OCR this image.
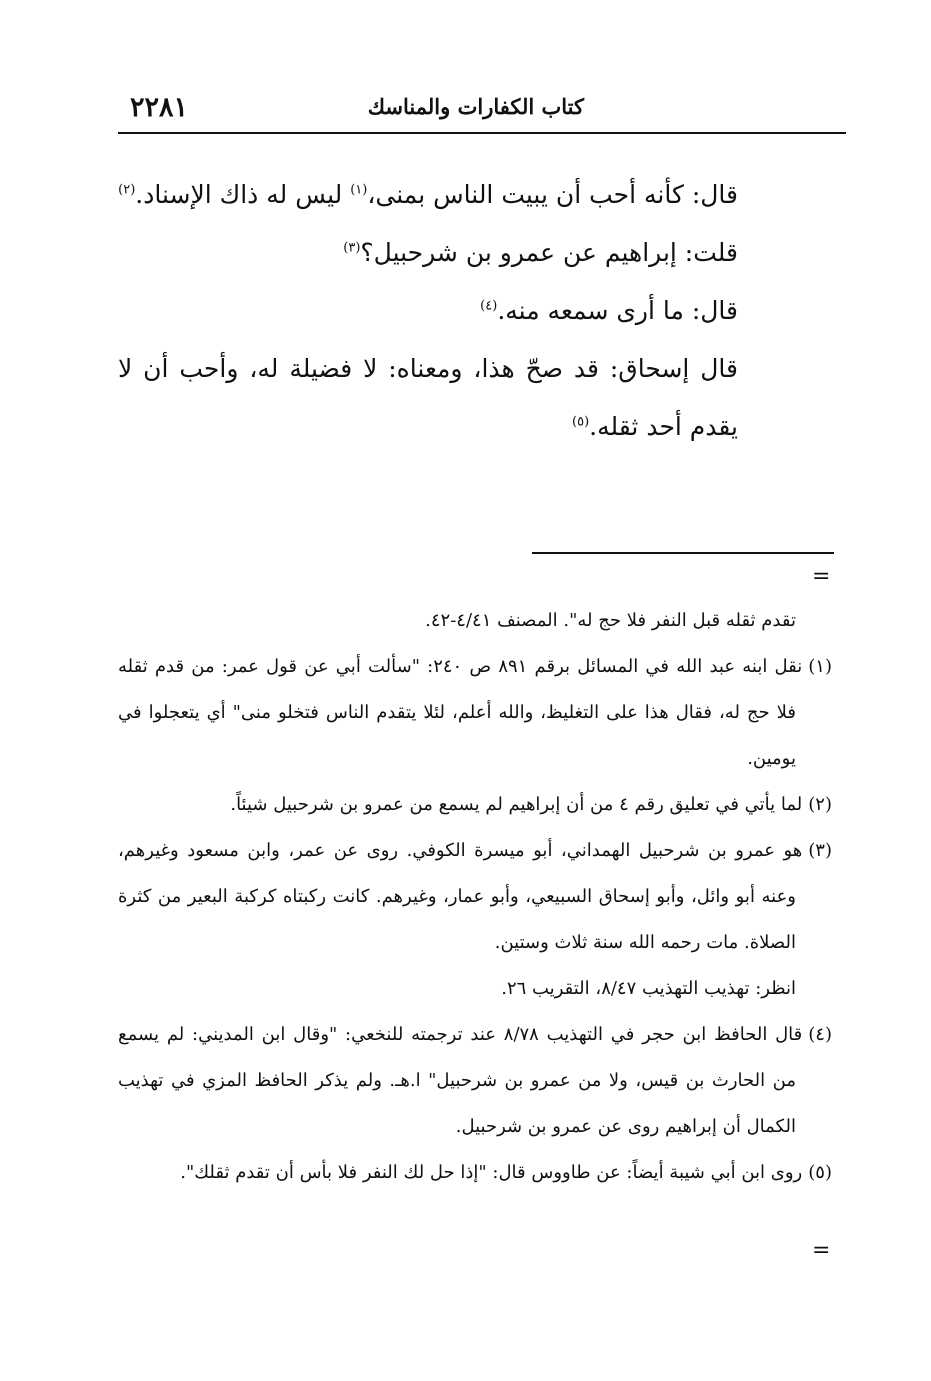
٢٢٨١	كتاب الكفارات والمناسك

قال: كأنه أحب أن يبيت الناس بمنى،$^{(١)}$ ليس له ذاك الإسناد.$^{(٢)}$

قلت: إبراهيم عن عمرو بن شرحبيل؟$^{(٣)}$

قال: ما أرى سمعه منه.$^{(٤)}$

قال إسحاق: قد صحّ هذا، ومعناه: لا فضيلة له، وأحب أن لا يقدم أحد ثقله.$^{(٥)}$

=

تقدم ثقله قبل النفر فلا حج له". المصنف ٤/٤١-٤٢.

(١)نقل ابنه عبد الله في المسائل برقم ٨٩١ ص ٢٤٠: "سألت أبي عن قول عمر: من قدم ثقله فلا حج له، فقال هذا على التغليظ، والله أعلم، لئلا يتقدم الناس فتخلو منى" أي يتعجلوا في يومين.

(٢)لما يأتي في تعليق رقم ٤ من أن إبراهيم لم يسمع من عمرو بن شرحبيل شيئاً.

(٣)هو عمرو بن شرحبيل الهمداني، أبو ميسرة الكوفي. روى عن عمر، وابن مسعود وغيرهم، وعنه أبو وائل، وأبو إسحاق السبيعي، وأبو عمار، وغيرهم. كانت ركبتاه كركبة البعير من كثرة الصلاة. مات رحمه الله سنة ثلاث وستين.

انظر: تهذيب التهذيب ٨/٤٧، التقريب ٢٦.

(٤)قال الحافظ ابن حجر في التهذيب ٨/٧٨ عند ترجمته للنخعي: "وقال ابن المديني: لم يسمع من الحارث بن قيس، ولا من عمرو بن شرحبيل" ا.هـ. ولم يذكر الحافظ المزي في تهذيب الكمال أن إبراهيم روى عن عمرو بن شرحبيل.

(٥)روى ابن أبي شيبة أيضاً: عن طاووس قال: "إذا حل لك النفر فلا بأس أن تقدم ثقلك".

=
